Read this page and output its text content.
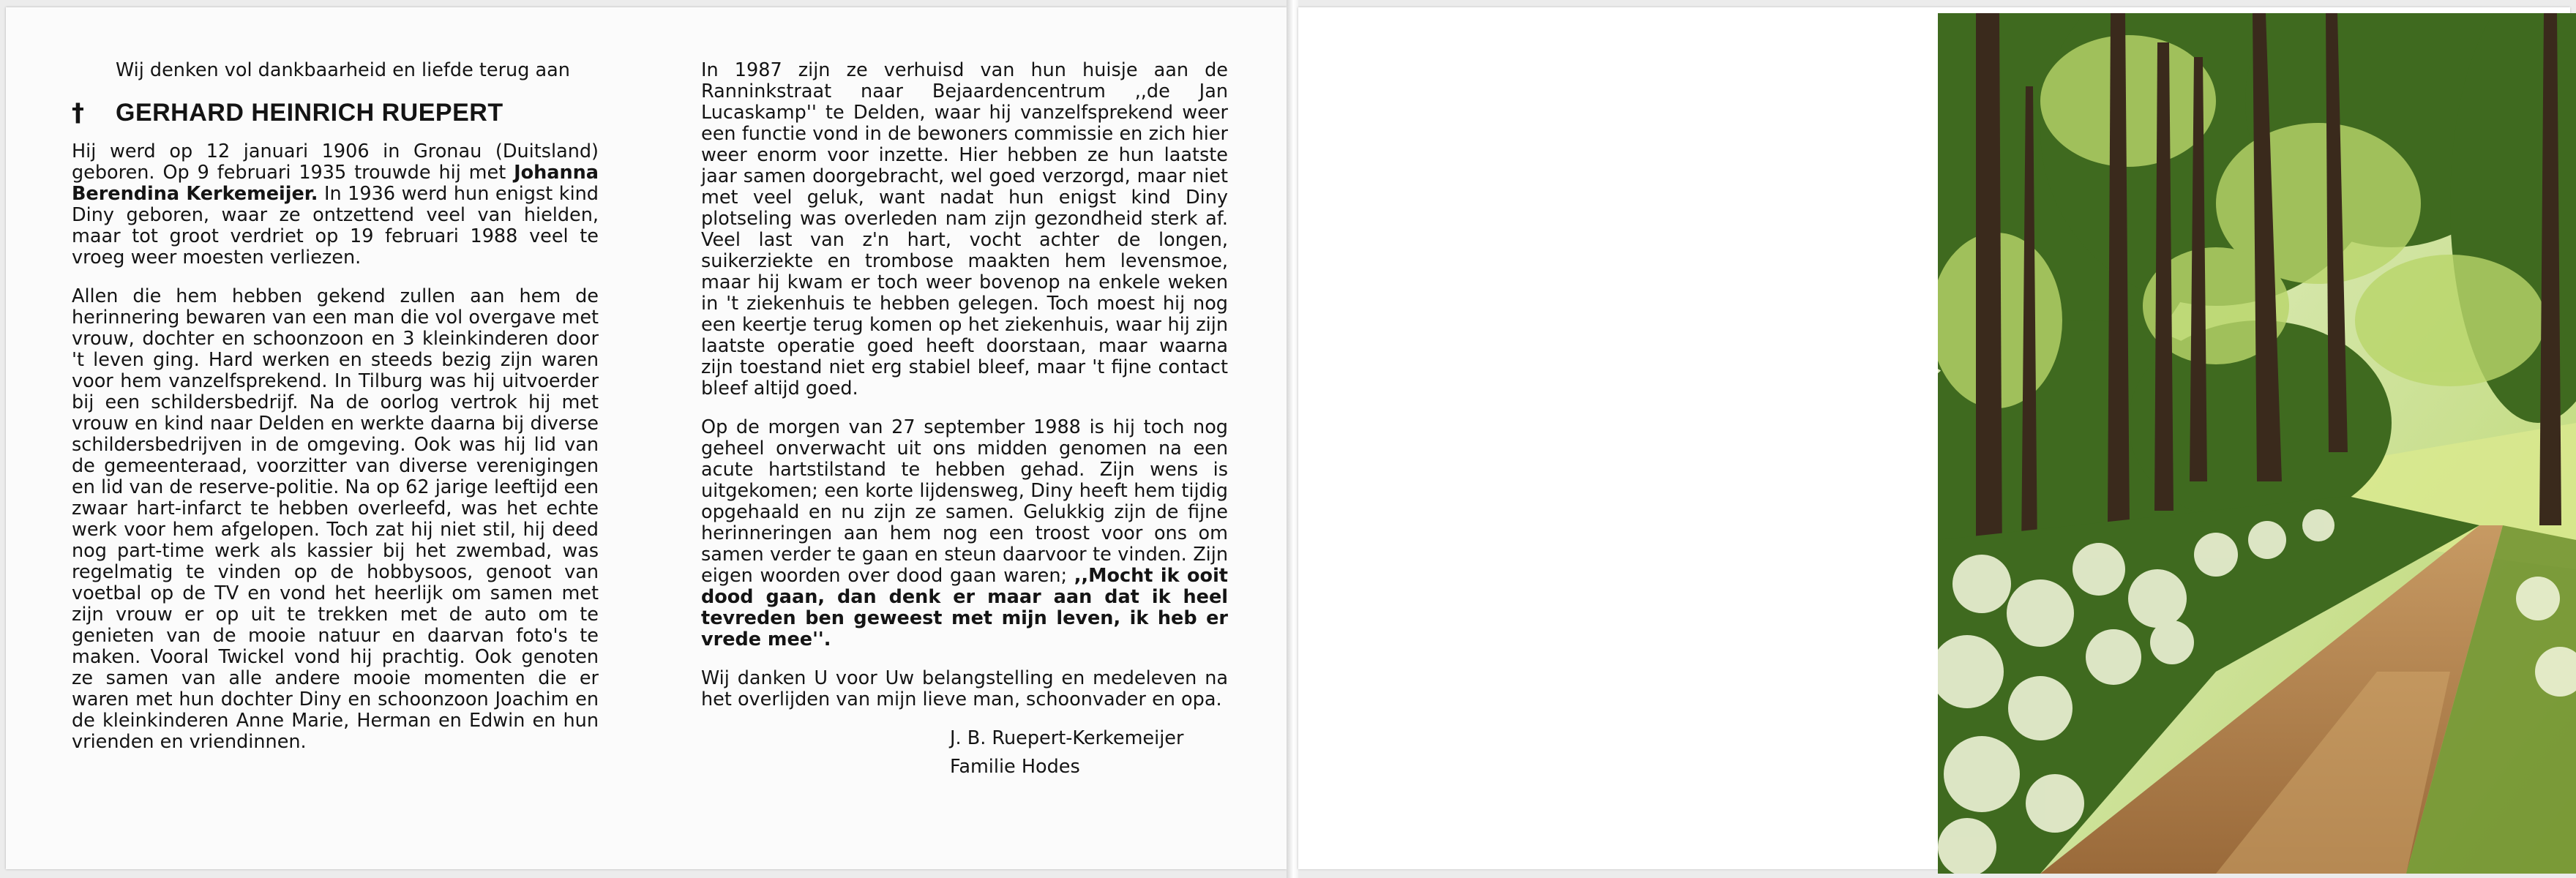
Wij denken vol dankbaarheid en liefde terug aan
†	GERHARD HEINRICH RUEPERT

Hij werd op 12 januari 1906 in Gronau (Duitsland) geboren. Op 9 februari 1935 trouwde hij met Johanna Berendina Kerkemeijer. In 1936 werd hun enigst kind Diny geboren, waar ze ontzettend veel van hielden, maar tot groot verdriet op 19 februari 1988 veel te vroeg weer moesten verliezen.

Allen die hem hebben gekend zullen aan hem de herinnering bewaren van een man die vol overgave met vrouw, dochter en schoonzoon en 3 kleinkinderen door 't leven ging. Hard werken en steeds bezig zijn waren voor hem vanzelfsprekend. In Tilburg was hij uitvoerder bij een schildersbedrijf. Na de oorlog vertrok hij met vrouw en kind naar Delden en werkte daarna bij diverse schildersbedrijven in de omgeving. Ook was hij lid van de gemeenteraad, voorzitter van diverse verenigingen en lid van de reserve-politie. Na op 62 jarige leeftijd een zwaar hart-infarct te hebben overleefd, was het echte werk voor hem afgelopen. Toch zat hij niet stil, hij deed nog part-time werk als kassier bij het zwembad, was regelmatig te vinden op de hobbysoos, genoot van voetbal op de TV en vond het heerlijk om samen met zijn vrouw er op uit te trekken met de auto om te genieten van de mooie natuur en daarvan foto's te maken. Vooral Twickel vond hij prachtig. Ook genoten ze samen van alle andere mooie momenten die er waren met hun dochter Diny en schoonzoon Joachim en de kleinkinderen Anne Marie, Herman en Edwin en hun vrienden en vriendinnen.

In 1987 zijn ze verhuisd van hun huisje aan de Ranninkstraat naar Bejaardencentrum ,,de Jan Lucaskamp'' te Delden, waar hij vanzelfsprekend weer een functie vond in de bewoners commissie en zich hier weer enorm voor inzette. Hier hebben ze hun laatste jaar samen doorgebracht, wel goed verzorgd, maar niet met veel geluk, want nadat hun enigst kind Diny plotseling was overleden nam zijn gezondheid sterk af. Veel last van z'n hart, vocht achter de longen, suikerziekte en trombose maakten hem levensmoe, maar hij kwam er toch weer bovenop na enkele weken in 't ziekenhuis te hebben gelegen. Toch moest hij nog een keertje terug komen op het ziekenhuis, waar hij zijn laatste operatie goed heeft doorstaan, maar waarna zijn toestand niet erg stabiel bleef, maar 't fijne contact bleef altijd goed.

Op de morgen van 27 september 1988 is hij toch nog geheel onverwacht uit ons midden genomen na een acute hartstilstand te hebben gehad. Zijn wens is uitgekomen; een korte lijdensweg, Diny heeft hem tijdig opgehaald en nu zijn ze samen. Gelukkig zijn de fijne herinneringen aan hem nog een troost voor ons om samen verder te gaan en steun daarvoor te vinden. Zijn eigen woorden over dood gaan waren; ,,Mocht ik ooit dood gaan, dan denk er maar aan dat ik heel tevreden ben geweest met mijn leven, ik heb er vrede mee''.

Wij danken U voor Uw belangstelling en medeleven na het overlijden van mijn lieve man, schoonvader en opa.

J. B. Ruepert-Kerkemeijer
Familie Hodes
